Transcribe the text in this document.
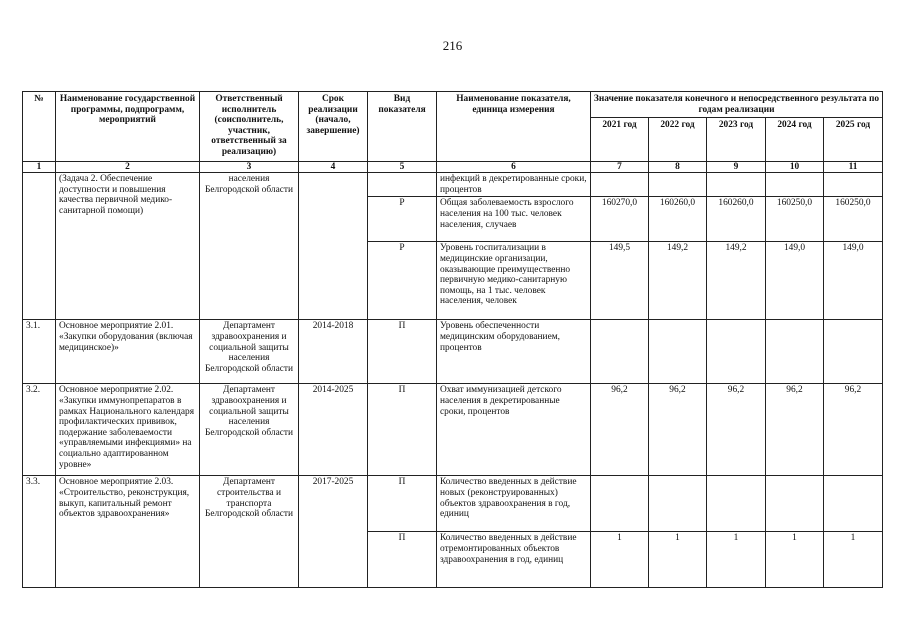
216
№	Наименование государственной программы, подпрограмм, мероприятий	Ответственный исполнитель (соисполнитель, участник, ответственный за реализацию)	Срок реализации (начало, завершение)	Вид показателя	Наименование показателя, единица измерения	Значение показателя конечного и непосредственного результата по годам реализации				
						2021 год	2022 год	2023 год	2024 год	2025 год
1	2	3	4	5	6	7	8	9	10	11
	(Задача 2. Обеспечение доступности и повышения качества первичной медико-санитарной помощи)	населения Белгородской области			инфекций в декретированные сроки, процентов					
				Р	Общая заболеваемость взрослого населения на 100 тыс. человек населения, случаев	160270,0	160260,0	160260,0	160250,0	160250,0
				Р	Уровень госпитализации в медицинские организации, оказывающие преимущественно первичную медико-санитарную помощь, на 1 тыс. человек населения, человек	149,5	149,2	149,2	149,0	149,0
3.1.	Основное мероприятие 2.01. «Закупки оборудования (включая медицинское)»	Департамент здравоохранения и социальной защиты населения Белгородской области	2014-2018	П	Уровень обеспеченности медицинским оборудованием, процентов					
3.2.	Основное мероприятие 2.02. «Закупки иммунопрепаратов в рамках Национального календаря профилактических прививок, подержание заболеваемости «управляемыми инфекциями» на социально адаптированном уровне»	Департамент здравоохранения и социальной защиты населения Белгородской области	2014-2025	П	Охват иммунизацией детского населения в декретированные сроки, процентов	96,2	96,2	96,2	96,2	96,2
3.3.	Основное мероприятие 2.03. «Строительство, реконструкция, выкуп, капитальный ремонт объектов здравоохранения»	Департамент строительства и транспорта Белгородской области	2017-2025	П	Количество введенных в действие новых (реконструированных) объектов здравоохранения в год, единиц					
				П	Количество введенных в действие отремонтированных объектов здравоохранения в год, единиц	1	1	1	1	1
